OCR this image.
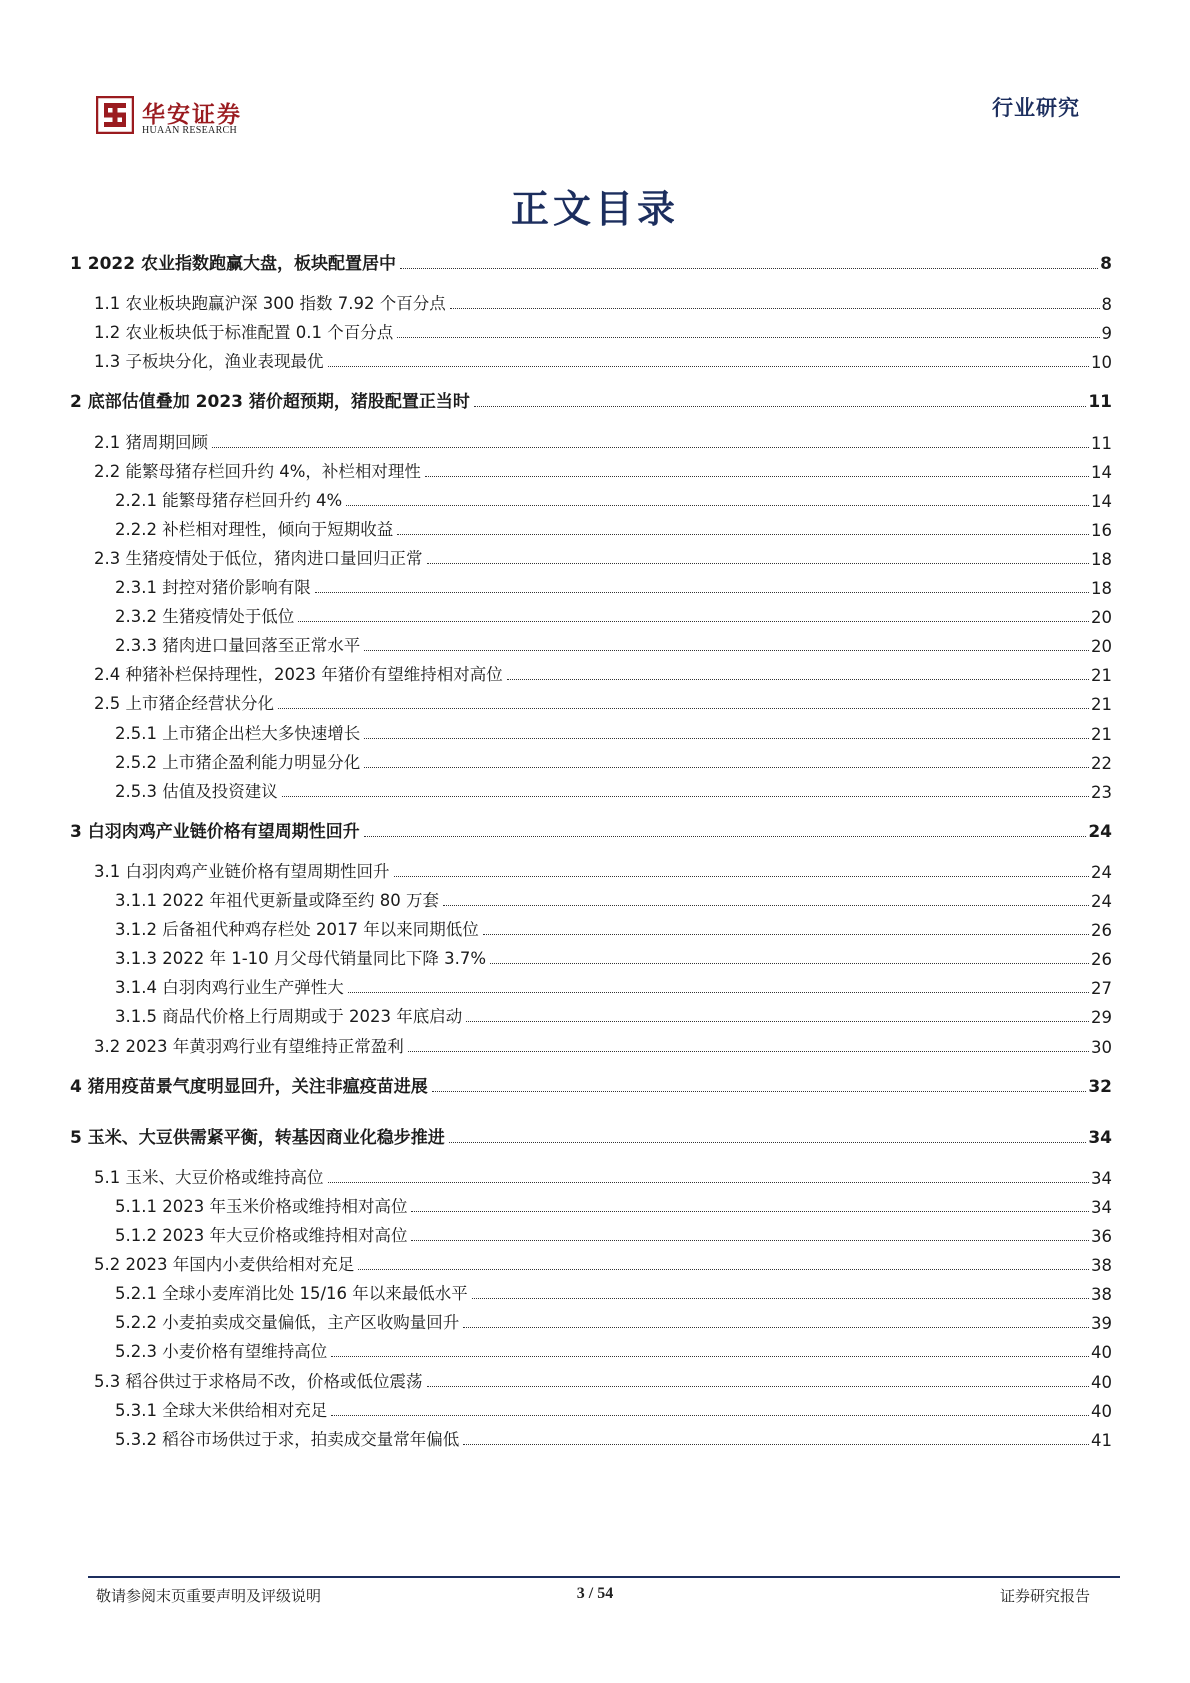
华安证券
HUAAN RESEARCH
行业研究
正文目录
1 2022 农业指数跑赢大盘，板块配置居中	8
1.1 农业板块跑赢沪深 300 指数 7.92 个百分点	8
1.2 农业板块低于标准配置 0.1 个百分点	9
1.3 子板块分化，渔业表现最优	10
2 底部估值叠加 2023 猪价超预期，猪股配置正当时	11
2.1 猪周期回顾	11
2.2 能繁母猪存栏回升约 4%，补栏相对理性	14
2.2.1 能繁母猪存栏回升约 4%	14
2.2.2 补栏相对理性，倾向于短期收益	16
2.3 生猪疫情处于低位，猪肉进口量回归正常	18
2.3.1 封控对猪价影响有限	18
2.3.2 生猪疫情处于低位	20
2.3.3 猪肉进口量回落至正常水平	20
2.4 种猪补栏保持理性，2023 年猪价有望维持相对高位	21
2.5 上市猪企经营状分化	21
2.5.1 上市猪企出栏大多快速增长	21
2.5.2 上市猪企盈利能力明显分化	22
2.5.3 估值及投资建议	23
3 白羽肉鸡产业链价格有望周期性回升	24
3.1 白羽肉鸡产业链价格有望周期性回升	24
3.1.1 2022 年祖代更新量或降至约 80 万套	24
3.1.2 后备祖代种鸡存栏处 2017 年以来同期低位	26
3.1.3 2022 年 1-10 月父母代销量同比下降 3.7%	26
3.1.4 白羽肉鸡行业生产弹性大	27
3.1.5 商品代价格上行周期或于 2023 年底启动	29
3.2 2023 年黄羽鸡行业有望维持正常盈利	30
4 猪用疫苗景气度明显回升，关注非瘟疫苗进展	32
5 玉米、大豆供需紧平衡，转基因商业化稳步推进	34
5.1 玉米、大豆价格或维持高位	34
5.1.1 2023 年玉米价格或维持相对高位	34
5.1.2 2023 年大豆价格或维持相对高位	36
5.2 2023 年国内小麦供给相对充足	38
5.2.1 全球小麦库消比处 15/16 年以来最低水平	38
5.2.2 小麦拍卖成交量偏低，主产区收购量回升	39
5.2.3 小麦价格有望维持高位	40
5.3 稻谷供过于求格局不改，价格或低位震荡	40
5.3.1 全球大米供给相对充足	40
5.3.2 稻谷市场供过于求，拍卖成交量常年偏低	41
敬请参阅末页重要声明及评级说明	3 / 54	证券研究报告
